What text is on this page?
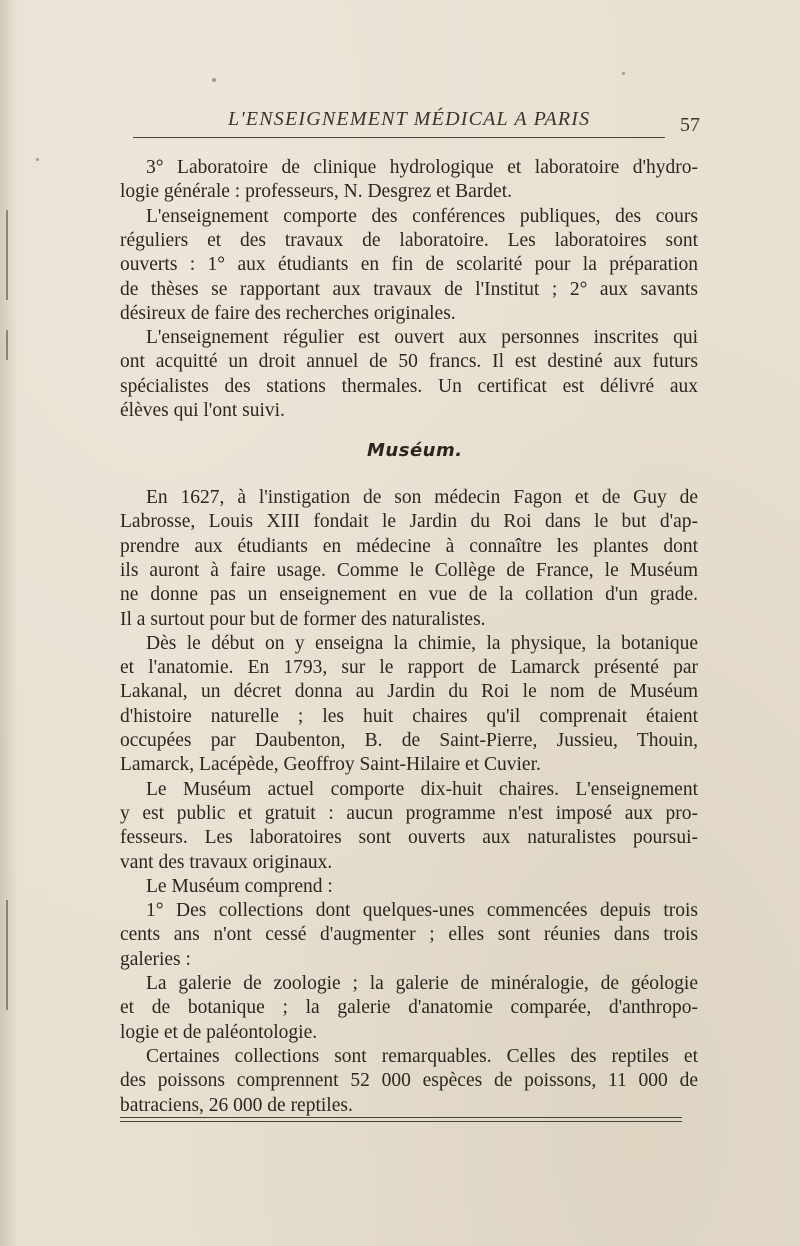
L'ENSEIGNEMENT MÉDICAL A PARIS	57
3° Laboratoire de clinique hydrologique et laboratoire d'hydro-
logie générale : professeurs, N. Desgrez et Bardet.
L'enseignement comporte des conférences publiques, des cours
réguliers et des travaux de laboratoire. Les laboratoires sont
ouverts : 1° aux étudiants en fin de scolarité pour la préparation
de thèses se rapportant aux travaux de l'Institut ; 2° aux savants
désireux de faire des recherches originales.
L'enseignement régulier est ouvert aux personnes inscrites qui
ont acquitté un droit annuel de 50 francs. Il est destiné aux futurs
spécialistes des stations thermales. Un certificat est délivré aux
élèves qui l'ont suivi.
Muséum.
En 1627, à l'instigation de son médecin Fagon et de Guy de
Labrosse, Louis XIII fondait le Jardin du Roi dans le but d'ap-
prendre aux étudiants en médecine à connaître les plantes dont
ils auront à faire usage. Comme le Collège de France, le Muséum
ne donne pas un enseignement en vue de la collation d'un grade.
Il a surtout pour but de former des naturalistes.
Dès le début on y enseigna la chimie, la physique, la botanique
et l'anatomie. En 1793, sur le rapport de Lamarck présenté par
Lakanal, un décret donna au Jardin du Roi le nom de Muséum
d'histoire naturelle ; les huit chaires qu'il comprenait étaient
occupées par Daubenton, B. de Saint-Pierre, Jussieu, Thouin,
Lamarck, Lacépède, Geoffroy Saint-Hilaire et Cuvier.
Le Muséum actuel comporte dix-huit chaires. L'enseignement
y est public et gratuit : aucun programme n'est imposé aux pro-
fesseurs. Les laboratoires sont ouverts aux naturalistes poursui-
vant des travaux originaux.
Le Muséum comprend :
1° Des collections dont quelques-unes commencées depuis trois
cents ans n'ont cessé d'augmenter ; elles sont réunies dans trois
galeries :
La galerie de zoologie ; la galerie de minéralogie, de géologie
et de botanique ; la galerie d'anatomie comparée, d'anthropo-
logie et de paléontologie.
Certaines collections sont remarquables. Celles des reptiles et
des poissons comprennent 52 000 espèces de poissons, 11 000 de
batraciens, 26 000 de reptiles.
